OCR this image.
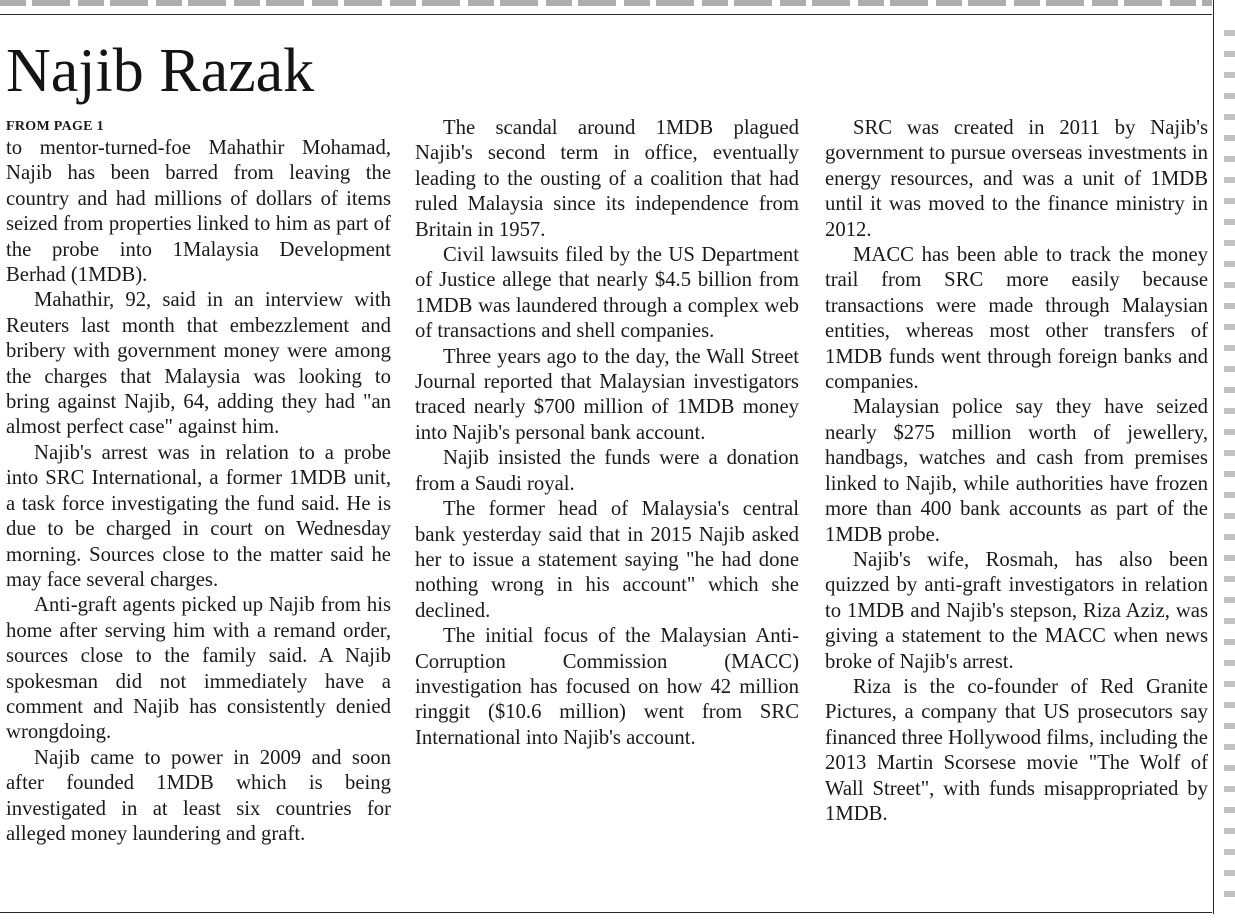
Najib Razak
FROM PAGE 1

to mentor-turned-foe Mahathir Mohamad, Najib has been barred from leaving the country and had millions of dollars of items seized from properties linked to him as part of the probe into 1Malaysia Development Berhad (1MDB).

Mahathir, 92, said in an interview with Reuters last month that embezzlement and bribery with government money were among the charges that Malaysia was looking to bring against Najib, 64, adding they had "an almost perfect case" against him.

Najib's arrest was in relation to a probe into SRC International, a former 1MDB unit, a task force investigating the fund said. He is due to be charged in court on Wednesday morning. Sources close to the matter said he may face several charges.

Anti-graft agents picked up Najib from his home after serving him with a remand order, sources close to the family said. A Najib spokesman did not immediately have a comment and Najib has consistently denied wrongdoing.

Najib came to power in 2009 and soon after founded 1MDB which is being investigated in at least six countries for alleged money laundering and graft.

The scandal around 1MDB plagued Najib's second term in office, eventually leading to the ousting of a coalition that had ruled Malaysia since its independence from Britain in 1957.

Civil lawsuits filed by the US Department of Justice allege that nearly $4.5 billion from 1MDB was laundered through a complex web of transactions and shell companies.

Three years ago to the day, the Wall Street Journal reported that Malaysian investigators traced nearly $700 million of 1MDB money into Najib's personal bank account.

Najib insisted the funds were a donation from a Saudi royal.

The former head of Malaysia's central bank yesterday said that in 2015 Najib asked her to issue a statement saying "he had done nothing wrong in his account" which she declined.

The initial focus of the Malaysian Anti-Corruption Commission (MACC) investigation has focused on how 42 million ringgit ($10.6 million) went from SRC International into Najib's account.

SRC was created in 2011 by Najib's government to pursue overseas investments in energy resources, and was a unit of 1MDB until it was moved to the finance ministry in 2012.

MACC has been able to track the money trail from SRC more easily because transactions were made through Malaysian entities, whereas most other transfers of 1MDB funds went through foreign banks and companies.

Malaysian police say they have seized nearly $275 million worth of jewellery, handbags, watches and cash from premises linked to Najib, while authorities have frozen more than 400 bank accounts as part of the 1MDB probe.

Najib's wife, Rosmah, has also been quizzed by anti-graft investigators in relation to 1MDB and Najib's stepson, Riza Aziz, was giving a statement to the MACC when news broke of Najib's arrest.

Riza is the co-founder of Red Granite Pictures, a company that US prosecutors say financed three Hollywood films, including the 2013 Martin Scorsese movie "The Wolf of Wall Street", with funds misappropriated by 1MDB.
